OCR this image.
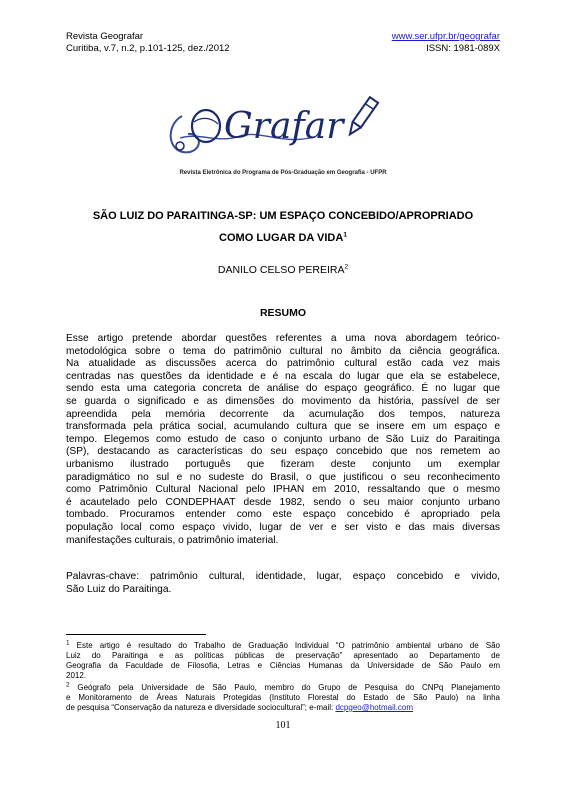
Revista Geografar	www.ser.ufpr.br/geografar
Curitiba, v.7, n.2, p.101-125, dez./2012	ISSN: 1981-089X
Grafar
Revista Eletrônica do Programa de Pós-Graduação em Geografia - UFPR
SÃO LUIZ DO PARAITINGA-SP: UM ESPAÇO CONCEBIDO/APROPRIADO
COMO LUGAR DA VIDA$^1$
DANILO CELSO PEREIRA$^2$
RESUMO
Esse artigo pretende abordar questões referentes a uma nova abordagem teórico-
metodológica sobre o tema do patrimônio cultural no âmbito da ciência geográfica.
Na atualidade as discussões acerca do patrimônio cultural estão cada vez mais
centradas nas questões da identidade e é na escala do lugar que ela se estabelece,
sendo esta uma categoria concreta de análise do espaço geográfico. É no lugar que
se guarda o significado e as dimensões do movimento da história, passível de ser
apreendida pela memória decorrente da acumulação dos tempos, natureza
transformada pela prática social, acumulando cultura que se insere em um espaço e
tempo. Elegemos como estudo de caso o conjunto urbano de São Luiz do Paraitinga
(SP), destacando as características do seu espaço concebido que nos remetem ao
urbanismo ilustrado português que fizeram deste conjunto um exemplar
paradigmático no sul e no sudeste do Brasil, o que justificou o seu reconhecimento
como Patrimônio Cultural Nacional pelo IPHAN em 2010, ressaltando que o mesmo
é acautelado pelo CONDEPHAAT desde 1982, sendo o seu maior conjunto urbano
tombado. Procuramos entender como este espaço concebido é apropriado pela
população local como espaço vivido, lugar de ver e ser visto e das mais diversas
manifestações culturais, o patrimônio imaterial.
Palavras-chave: patrimônio cultural, identidade, lugar, espaço concebido e vivido,
São Luiz do Paraitinga.
$^1$ Este artigo é resultado do Trabalho de Graduação Individual “O patrimônio ambiental urbano de São
Luiz do Paraitinga e as políticas públicas de preservação” apresentado ao Departamento de
Geografia da Faculdade de Filosofia, Letras e Ciências Humanas da Universidade de São Paulo em
2012.
$^2$ Geógrafo pela Universidade de São Paulo, membro do Grupo de Pesquisa do CNPq Planejamento
e Monitoramento de Áreas Naturais Protegidas (Instituto Florestal do Estado de São Paulo) na linha
de pesquisa “Conservação da natureza e diversidade sociocultural”; e-mail: dcpgeo@hotmail.com
101
